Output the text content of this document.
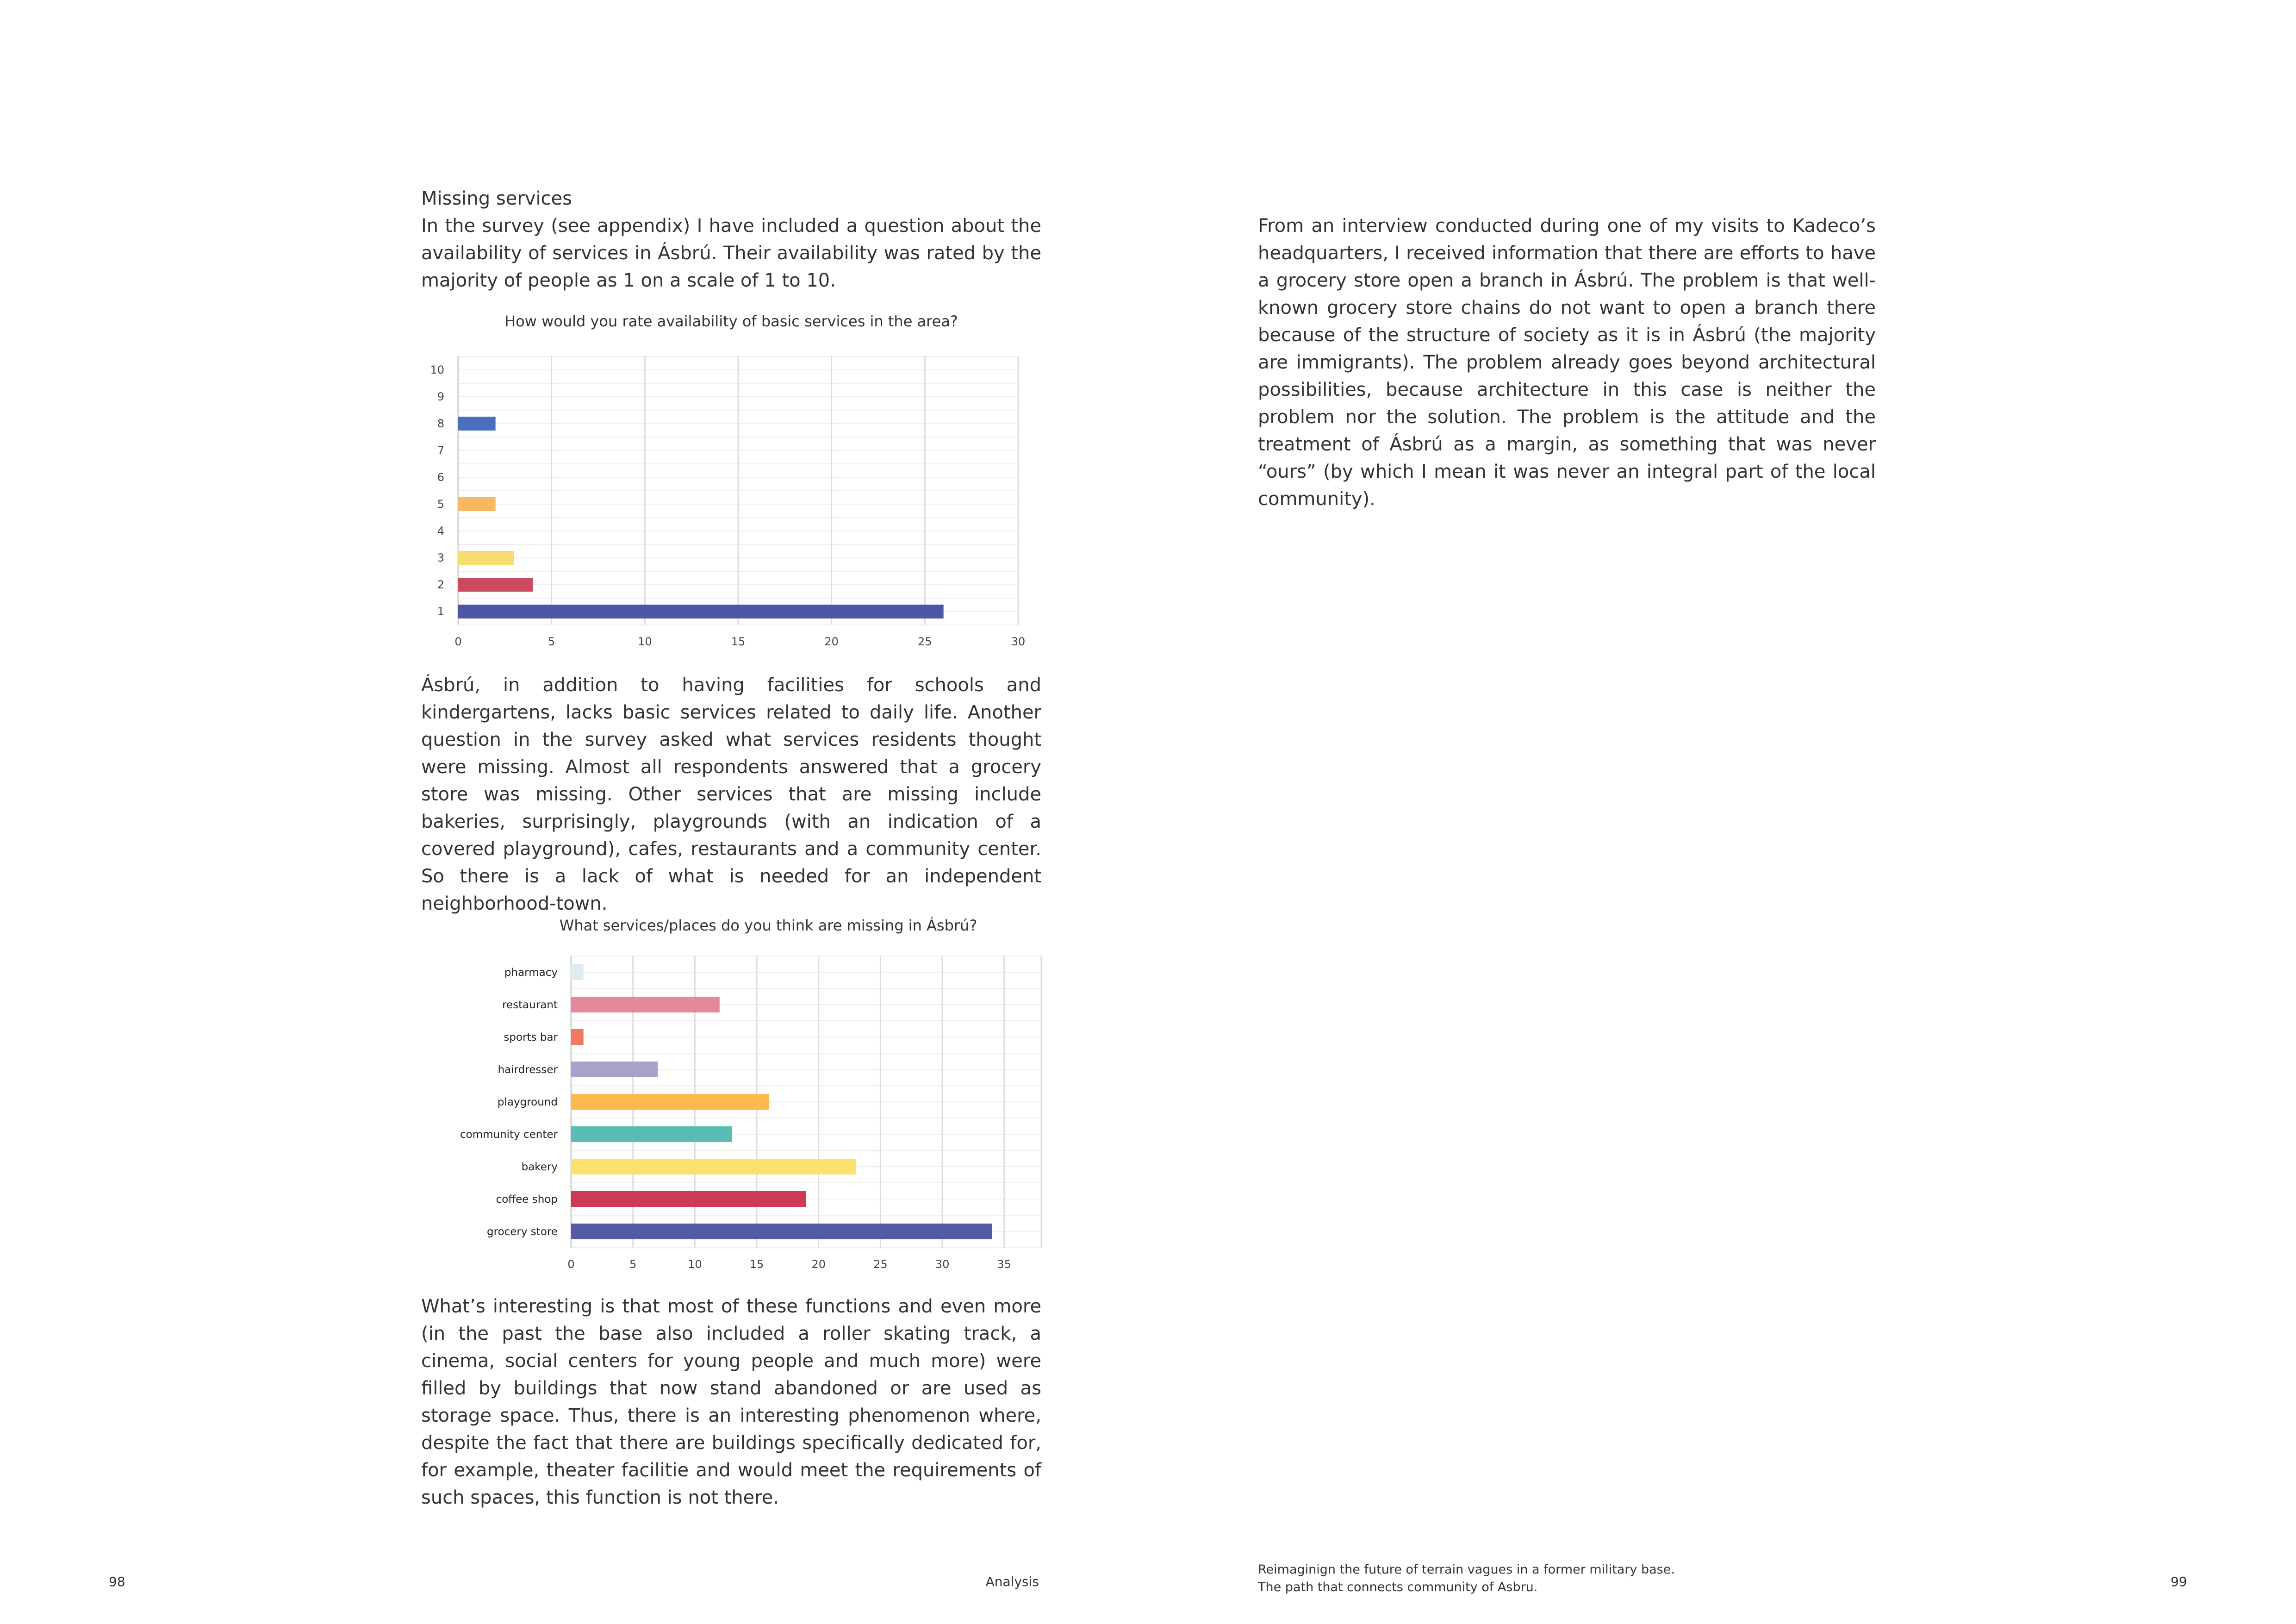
Missing services

In the survey (see appendix) I have included a question about the availability of services in Ásbrú. Their availability was rated by the majority of people as 1 on a scale of 1 to 10.

How would you rate availability of basic services in the area?
0	5	10	15	20	25	30
1
2
3
4
5
6
7
8
9
10

Ásbrú, in addition to having facilities for schools and kindergartens, lacks basic services related to daily life. Another question in the survey asked what services residents thought were missing. Almost all respondents answered that a grocery store was missing. Other services that are missing include bakeries, surprisingly, playgrounds (with an indication of a covered playground), cafes, restaurants and a community center. So there is a lack of what is needed for an independent neighborhood-town.

What services/places do you think are missing in Ásbrú?
0	5	10	15	20	25	30	35
grocery store
coffee shop
bakery
community center
playground
hairdresser
sports bar
restaurant
pharmacy

What’s interesting is that most of these functions and even more (in the past the base also included a roller skating track, a cinema, social centers for young people and much more) were filled by buildings that now stand abandoned or are used as storage space. Thus, there is an interesting phenomenon where, despite the fact that there are buildings specifically dedicated for, for example, theater facilitie and would meet the requirements of such spaces, this function is not there.

From an interview conducted during one of my visits to Kadeco’s headquarters, I received information that there are efforts to have a grocery store open a branch in Ásbrú. The problem is that well-known grocery store chains do not want to open a branch there because of the structure of society as it is in Ásbrú (the majority are immigrants). The problem already goes beyond architectural possibilities, because architecture in this case is neither the problem nor the solution. The problem is the attitude and the treatment of Ásbrú as a margin, as something that was never “ours” (by which I mean it was never an integral part of the local community).

98	Analysis
Reimaginign the future of terrain vagues in a former military base.
The path that connects community of Asbru.	99
